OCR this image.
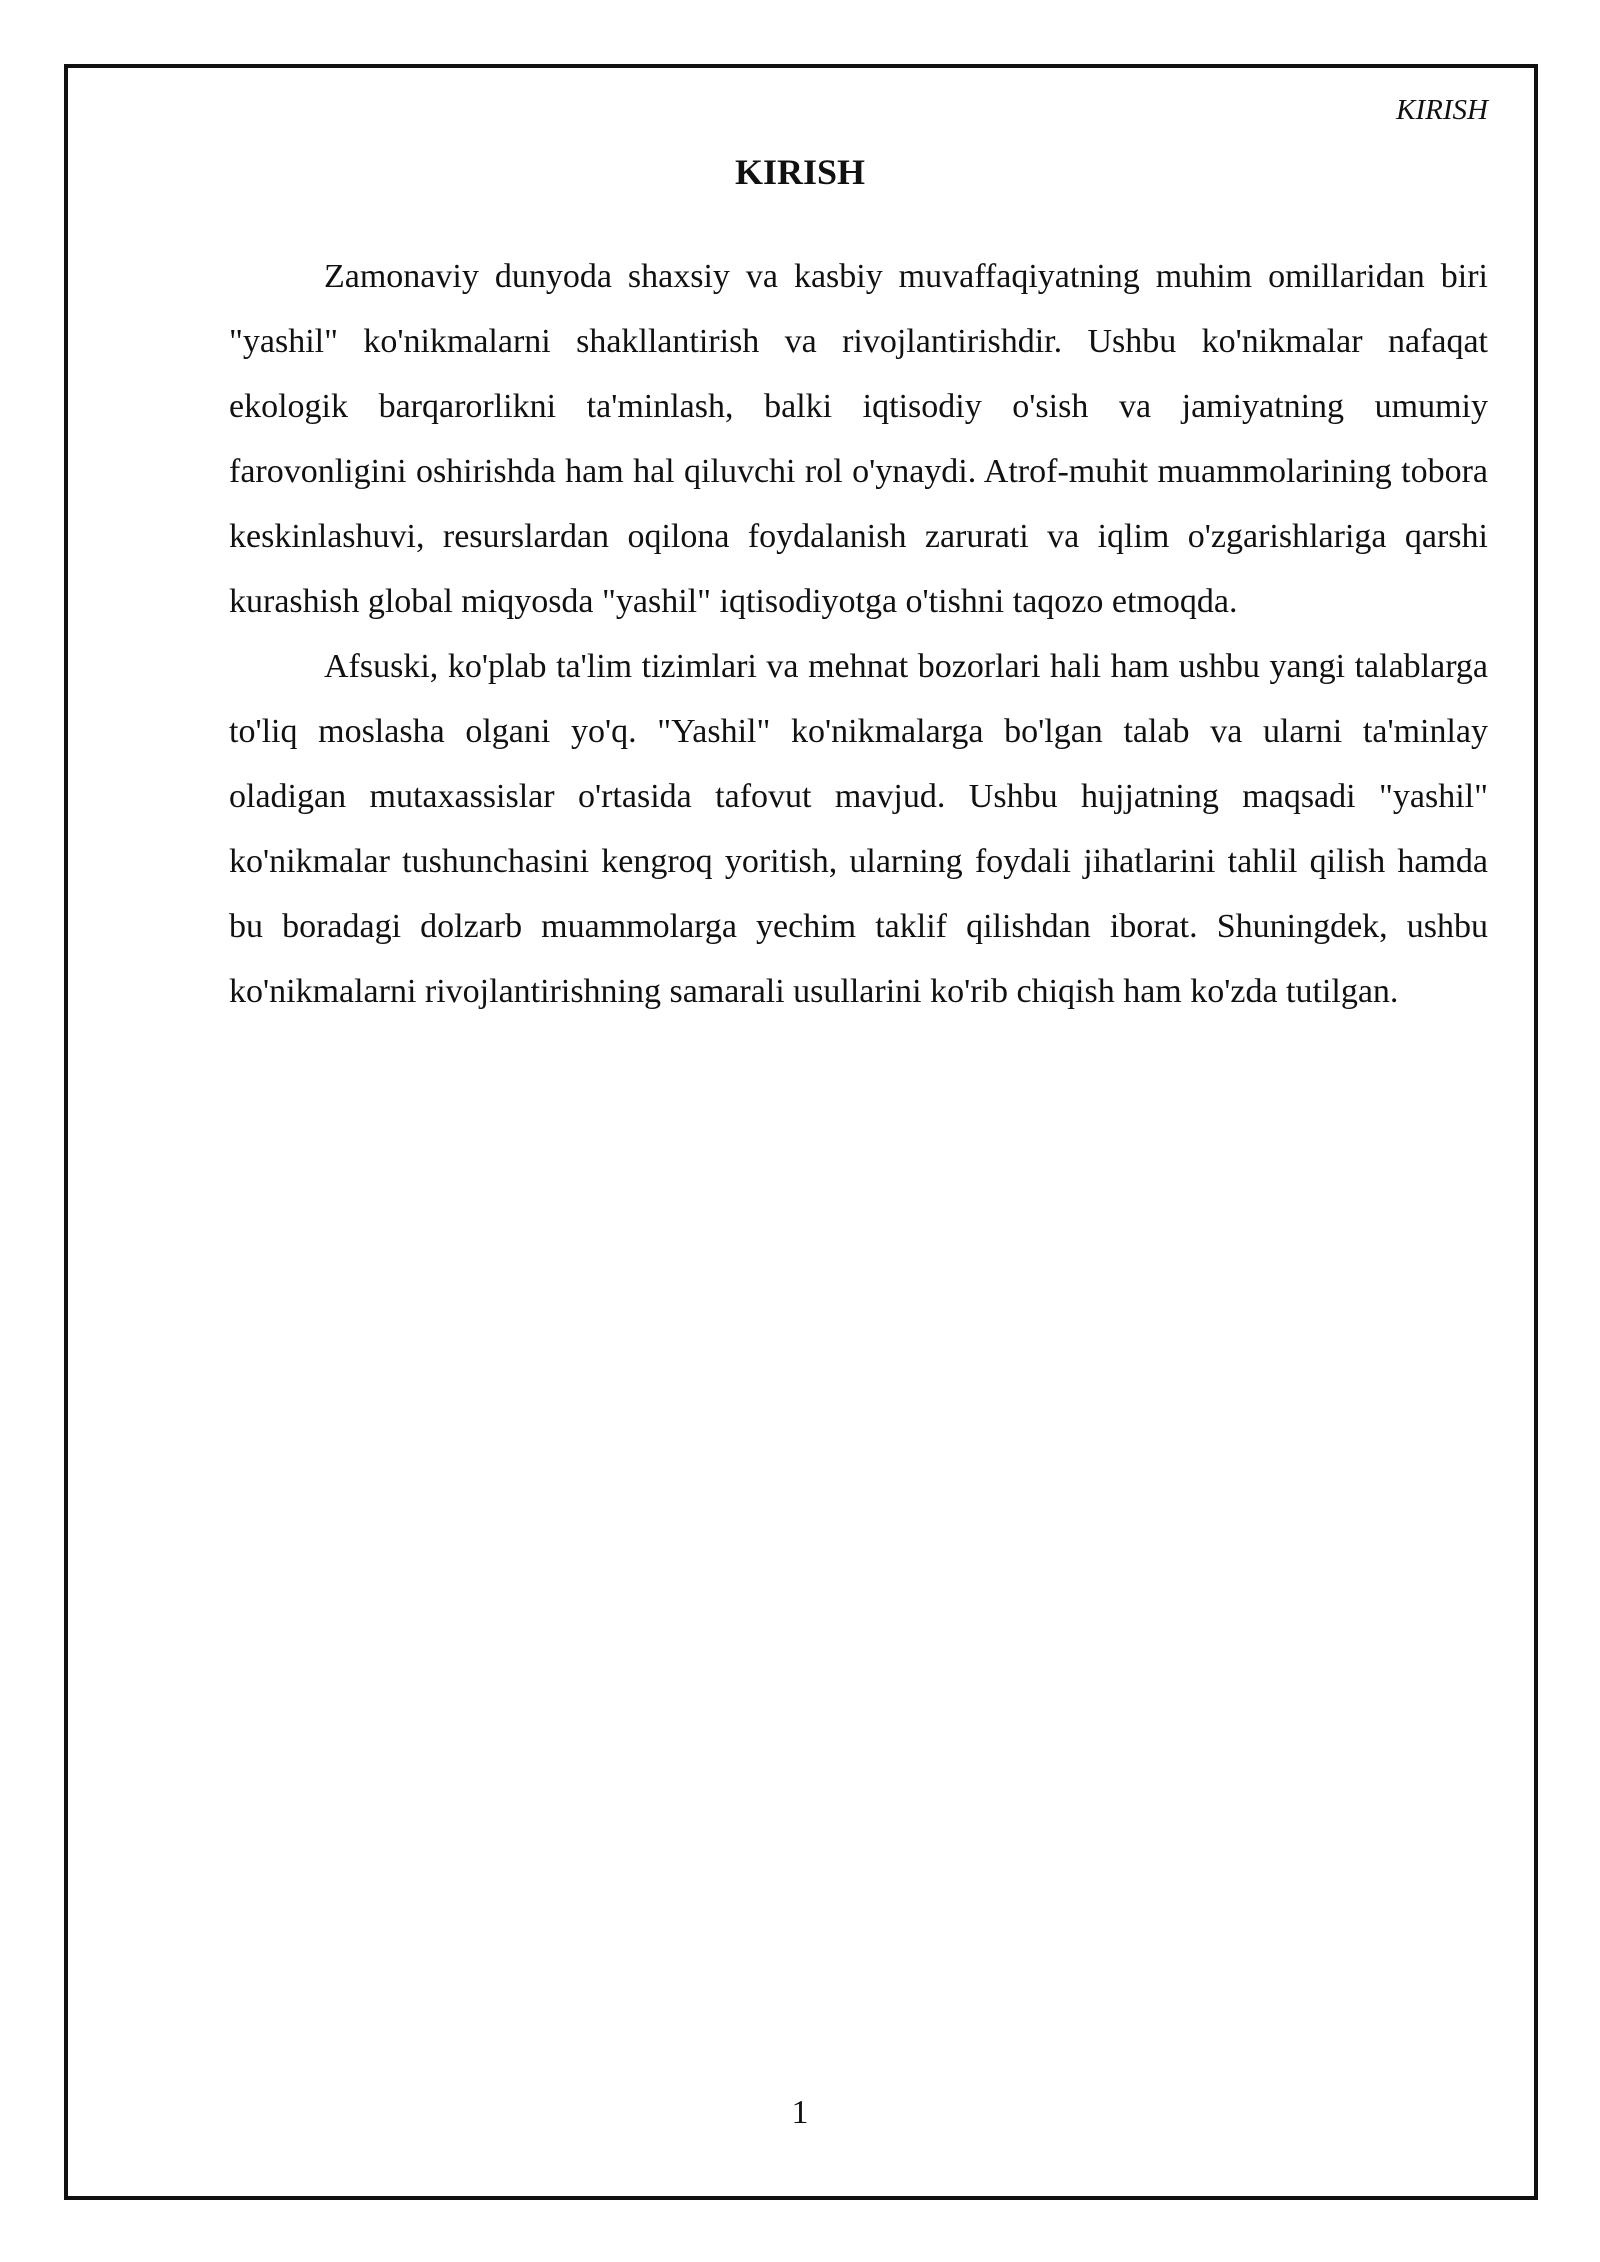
KIRISH
KIRISH

Zamonaviy dunyoda shaxsiy va kasbiy muvaffaqiyatning muhim omillaridan biri "yashil" ko'nikmalarni shakllantirish va rivojlantirishdir. Ushbu ko'nikmalar nafaqat ekologik barqarorlikni ta'minlash, balki iqtisodiy o'sish va jamiyatning umumiy farovonligini oshirishda ham hal qiluvchi rol o'ynaydi. Atrof-muhit muammolarining tobora keskinlashuvi, resurslardan oqilona foydalanish zarurati va iqlim o'zgarishlariga qarshi kurashish global miqyosda "yashil" iqtisodiyotga o'tishni taqozo etmoqda.

Afsuski, ko'plab ta'lim tizimlari va mehnat bozorlari hali ham ushbu yangi talablarga to'liq moslasha olgani yo'q. "Yashil" ko'nikmalarga bo'lgan talab va ularni ta'minlay oladigan mutaxassislar o'rtasida tafovut mavjud. Ushbu hujjatning maqsadi "yashil" ko'nikmalar tushunchasini kengroq yoritish, ularning foydali jihatlarini tahlil qilish hamda bu boradagi dolzarb muammolarga yechim taklif qilishdan iborat. Shuningdek, ushbu ko'nikmalarni rivojlantirishning samarali usullarini ko'rib chiqish ham ko'zda tutilgan.

1
